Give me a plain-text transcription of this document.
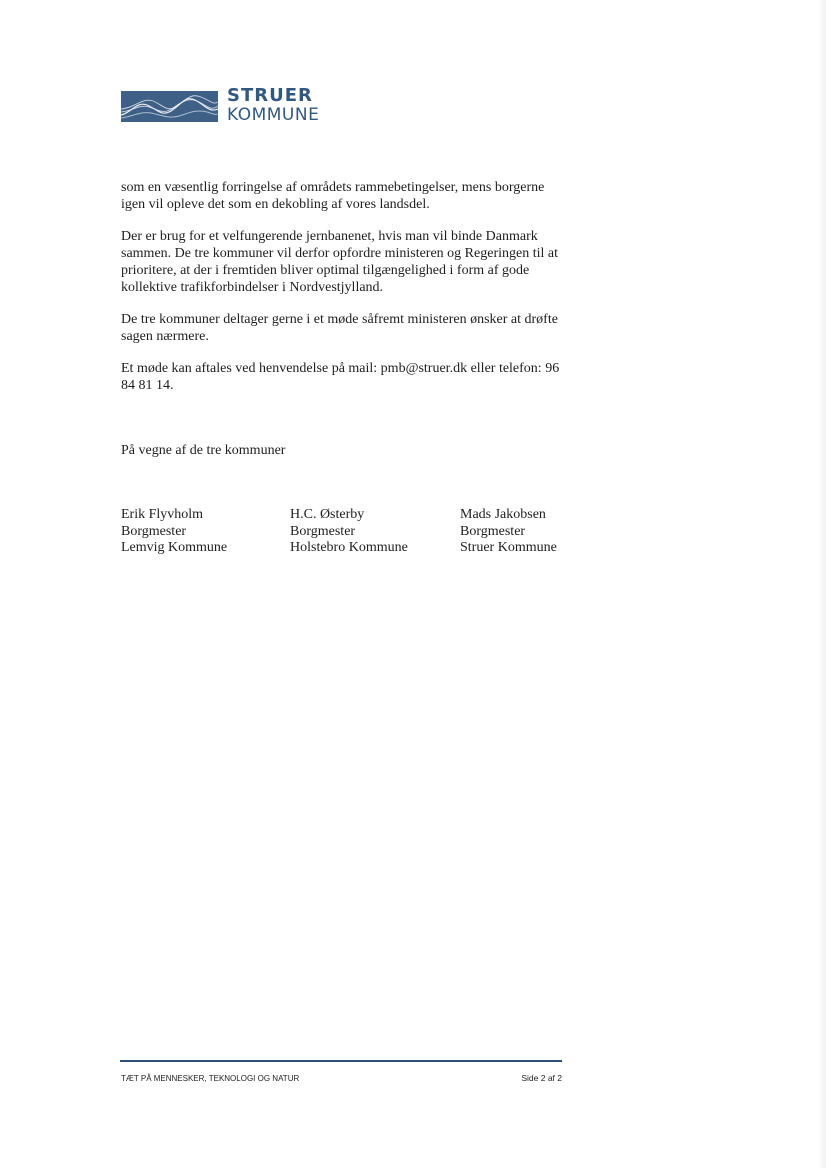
STRUER
KOMMUNE

som en væsentlig forringelse af områdets rammebetingelser, mens borgerne igen vil opleve det som en dekobling af vores landsdel.

Der er brug for et velfungerende jernbanenet, hvis man vil binde Danmark sammen. De tre kommuner vil derfor opfordre ministeren og Regeringen til at prioritere, at der i fremtiden bliver optimal tilgængelighed i form af gode kollektive trafikforbindelser i Nordvestjylland.

De tre kommuner deltager gerne i et møde såfremt ministeren ønsker at drøfte sagen nærmere.

Et møde kan aftales ved henvendelse på mail: pmb@struer.dk eller telefon: 96 84 81 14.

På vegne af de tre kommuner
Erik Flyvholm
Borgmester
Lemvig Kommune
H.C. Østerby
Borgmester
Holstebro Kommune
Mads Jakobsen
Borgmester
Struer Kommune
TÆT PÅ MENNESKER, TEKNOLOGI OG NATUR	Side 2 af 2
